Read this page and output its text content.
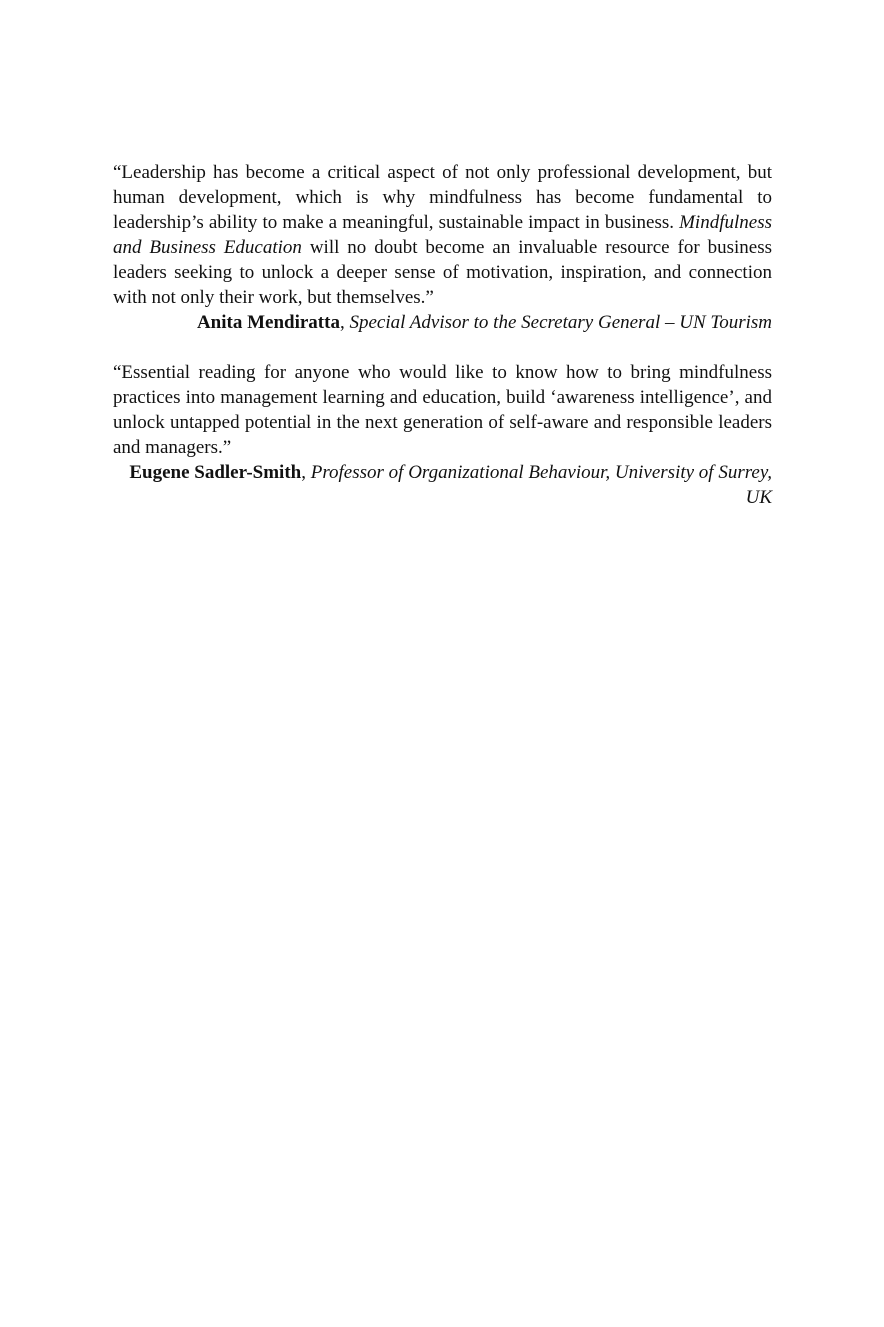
“Leadership has become a critical aspect of not only professional development, but human development, which is why mindfulness has become fundamental to leadership’s ability to make a meaningful, sustainable impact in business. Mindfulness and Business Education will no doubt become an invaluable resource for business leaders seeking to unlock a deeper sense of motivation, inspiration, and connection with not only their work, but themselves.”

Anita Mendiratta, Special Advisor to the Secretary General – UN Tourism

“Essential reading for anyone who would like to know how to bring mindfulness practices into management learning and education, build ‘awareness intelligence’, and unlock untapped potential in the next generation of self-aware and responsible leaders and managers.”

Eugene Sadler-Smith, Professor of Organizational Behaviour, University of Surrey, UK
